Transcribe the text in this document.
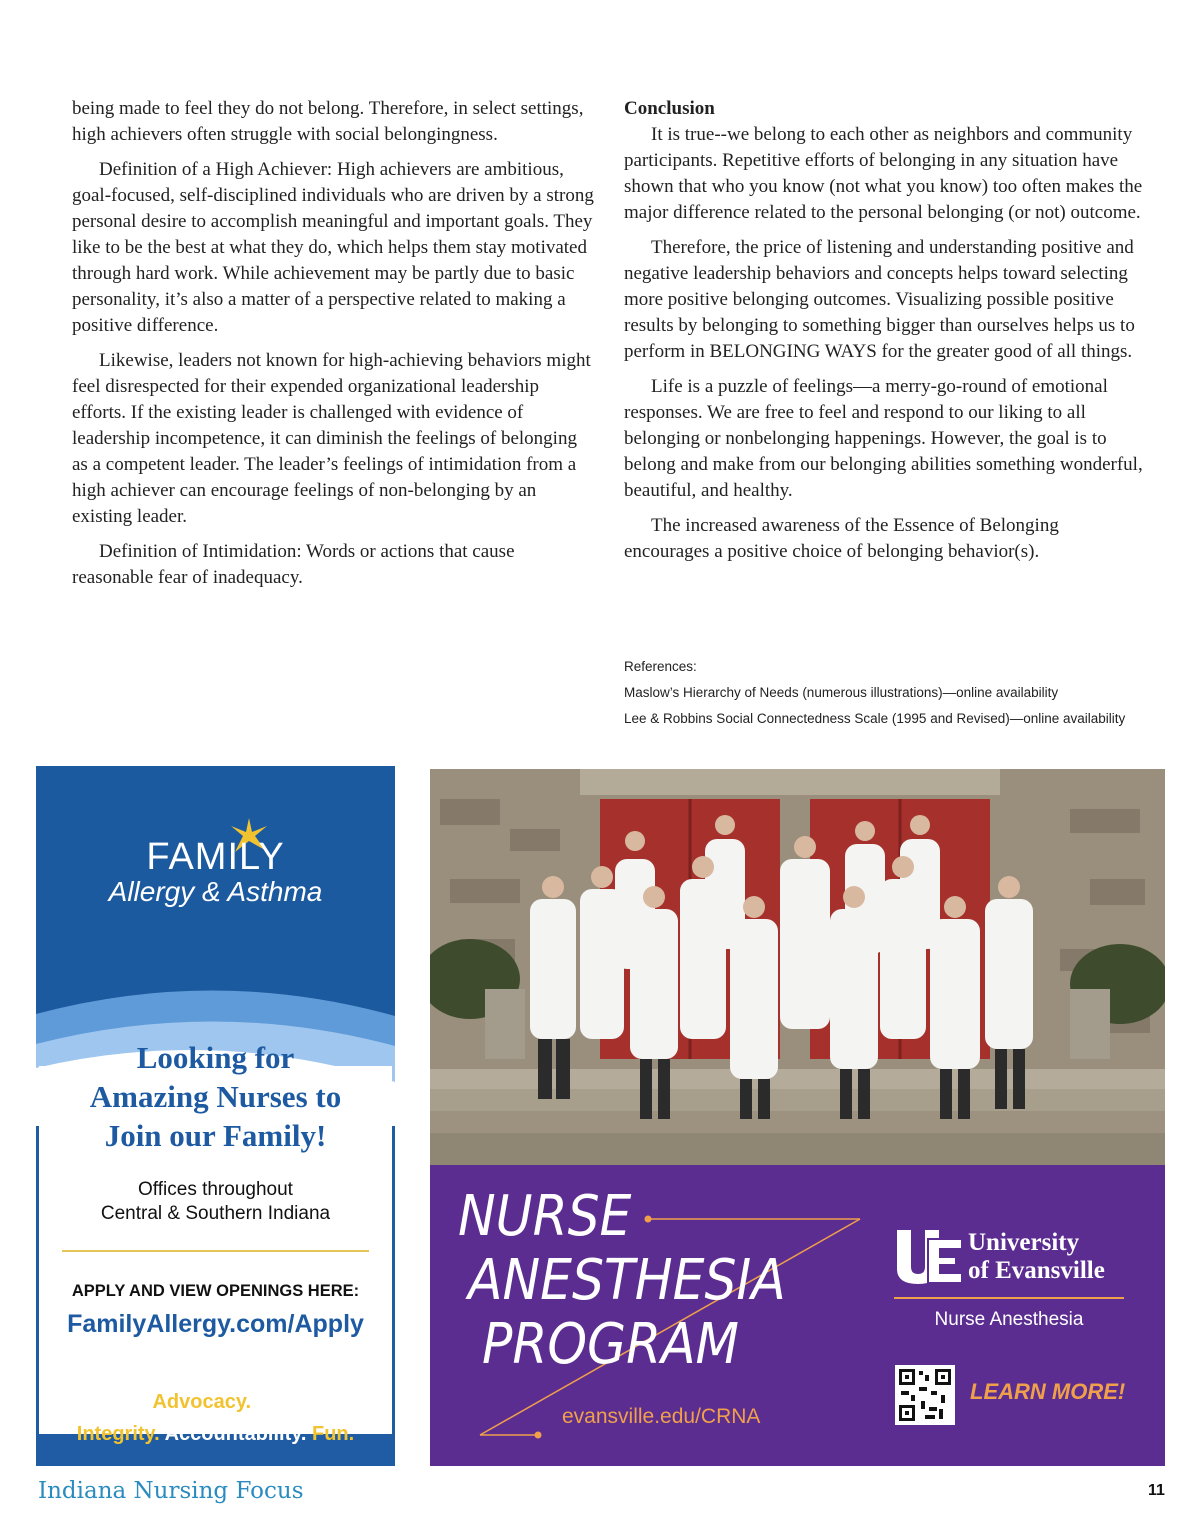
being made to feel they do not belong. Therefore, in select settings, high achievers often struggle with social belongingness.

Definition of a High Achiever: High achievers are ambitious, goal-focused, self-disciplined individuals who are driven by a strong personal desire to accomplish meaningful and important goals. They like to be the best at what they do, which helps them stay motivated through hard work. While achievement may be partly due to basic personality, it’s also a matter of a perspective related to making a positive difference.

Likewise, leaders not known for high-achieving behaviors might feel disrespected for their expended organizational leadership efforts. If the existing leader is challenged with evidence of leadership incompetence, it can diminish the feelings of belonging as a competent leader. The leader’s feelings of intimidation from a high achiever can encourage feelings of non-belonging by an existing leader.

Definition of Intimidation: Words or actions that cause reasonable fear of inadequacy.

Conclusion

It is true--we belong to each other as neighbors and community participants. Repetitive efforts of belonging in any situation have shown that who you know (not what you know) too often makes the major difference related to the personal belonging (or not) outcome.

Therefore, the price of listening and understanding positive and negative leadership behaviors and concepts helps toward selecting more positive belonging outcomes. Visualizing possible positive results by belonging to something bigger than ourselves helps us to perform in BELONGING WAYS for the greater good of all things.

Life is a puzzle of feelings—a merry-go-round of emotional responses. We are free to feel and respond to our liking to all belonging or nonbelonging happenings. However, the goal is to belong and make from our belonging abilities something wonderful, beautiful, and healthy.

The increased awareness of the Essence of Belonging encourages a positive choice of belonging behavior(s).

References:
Maslow’s Hierarchy of Needs (numerous illustrations)—online availability
Lee & Robbins Social Connectedness Scale (1995 and Revised)—online availability
FAMILY
Allergy & Asthma
Looking for
Amazing Nurses to
Join our Family!
Offices throughout
Central & Southern Indiana
APPLY AND VIEW OPENINGS HERE:
FamilyAllergy.com/Apply
Care. Advocacy. Service.
Integrity. Accountability. Fun.
NURSE
ANESTHESIA
PROGRAM
evansville.edu/CRNA
University
of Evansville
Nurse Anesthesia
LEARN MORE!
Indiana Nursing Focus	11
